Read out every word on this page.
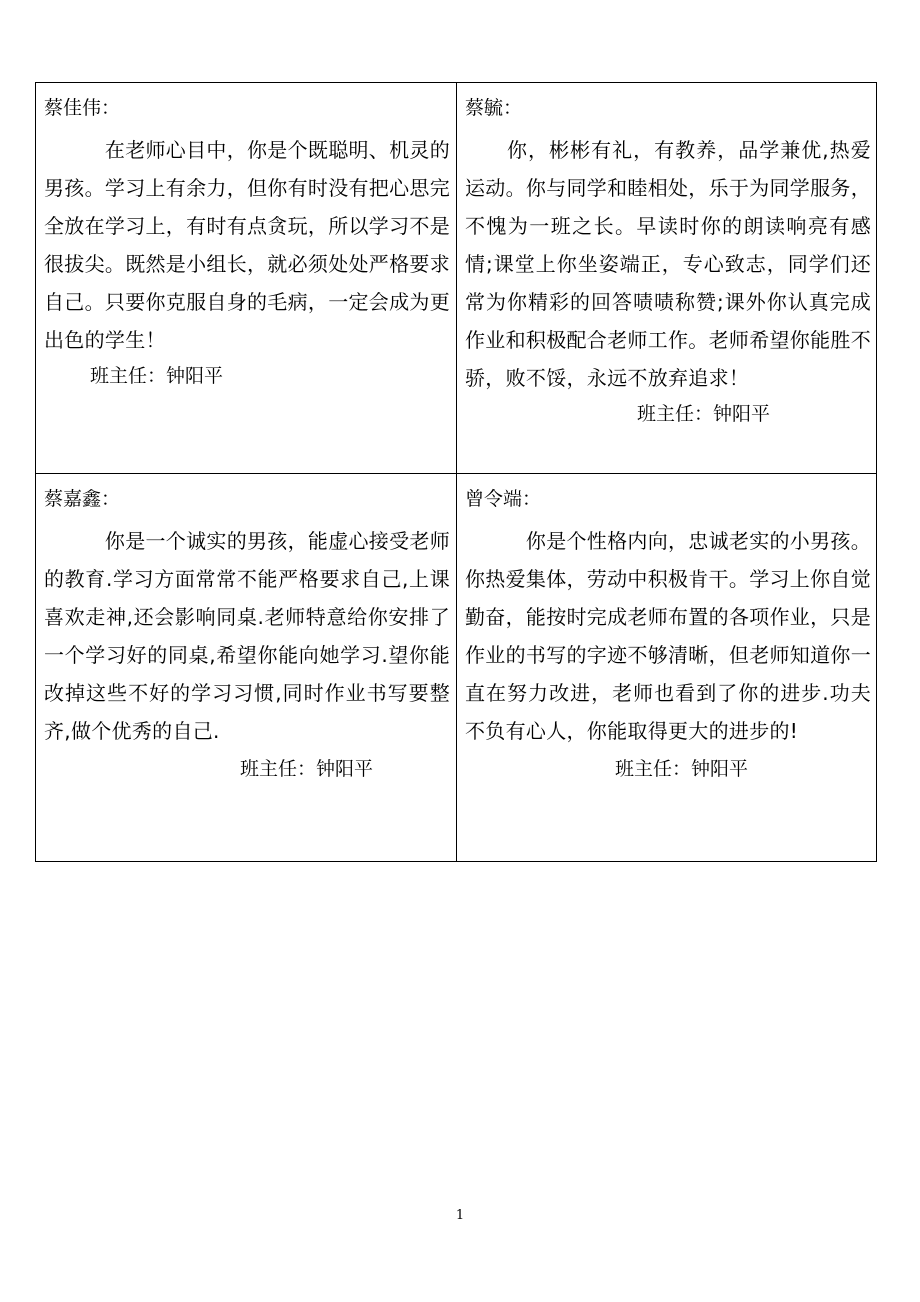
蔡佳伟：

　　　在老师心目中，你是个既聪明、机灵的男孩。学习上有余力，但你有时没有把心思完全放在学习上，有时有点贪玩，所以学习不是很拔尖。既然是小组长，就必须处处严格要求自己。只要你克服自身的毛病，一定会成为更出色的学生！

班主任：钟阳平

蔡毓：

　　你，彬彬有礼，有教养，品学兼优,热爱运动。你与同学和睦相处，乐于为同学服务，不愧为一班之长。早读时你的朗读响亮有感情;课堂上你坐姿端正，专心致志，同学们还常为你精彩的回答啧啧称赞;课外你认真完成作业和积极配合老师工作。老师希望你能胜不骄，败不馁，永远不放弃追求！

班主任：钟阳平

蔡嘉鑫：

　　　你是一个诚实的男孩，能虚心接受老师的教育.学习方面常常不能严格要求自己,上课喜欢走神,还会影响同桌.老师特意给你安排了一个学习好的同桌,希望你能向她学习.望你能改掉这些不好的学习习惯,同时作业书写要整齐,做个优秀的自己.

班主任：钟阳平

曾令端：

　　　你是个性格内向，忠诚老实的小男孩。你热爱集体，劳动中积极肯干。学习上你自觉勤奋，能按时完成老师布置的各项作业，只是作业的书写的字迹不够清晰，但老师知道你一直在努力改进，老师也看到了你的进步.功夫不负有心人，你能取得更大的进步的!

班主任：钟阳平

1
